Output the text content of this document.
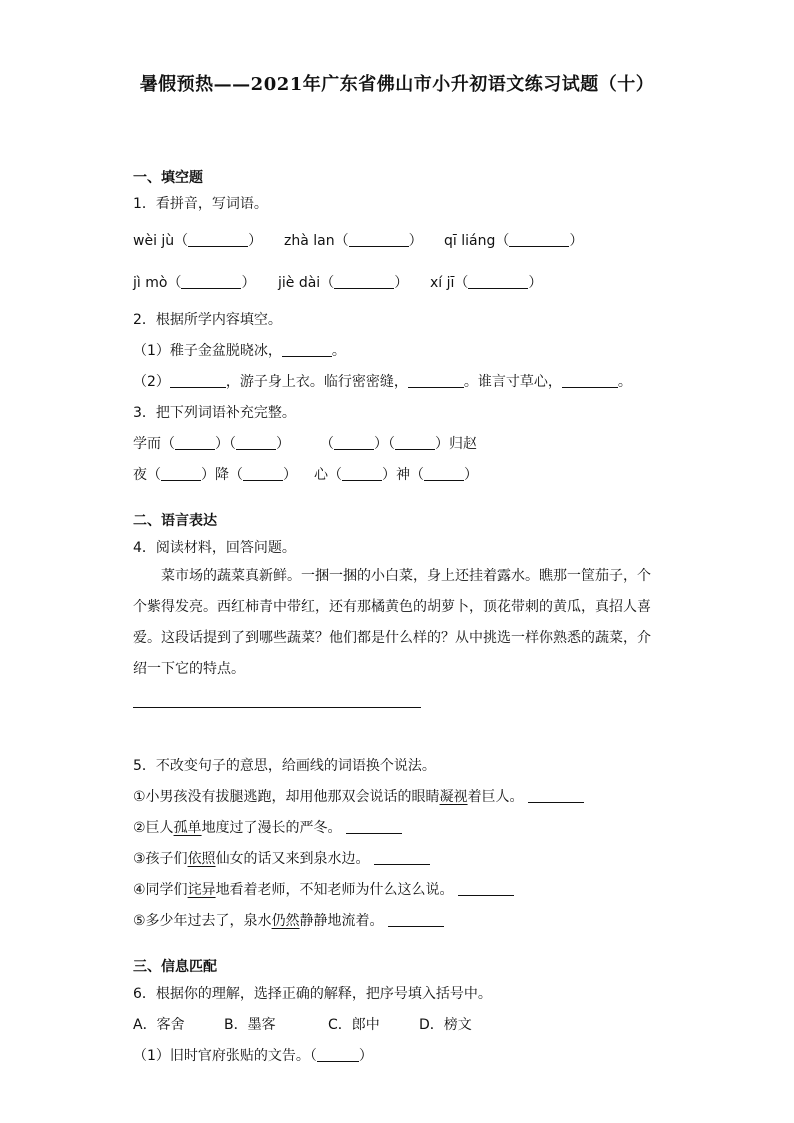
暑假预热——2021年广东省佛山市小升初语文练习试题（十）
一、填空题
1．看拼音，写词语。
wèi jù（	） zhà lan（	） qī liáng（	）
jì mò（	） jiè dài（	） xí jī（	）
2．根据所学内容填空。
（1）稚子金盆脱晓冰，	。
（2）	，游子身上衣。临行密密缝，	。谁言寸草心，	。
3．把下列词语补充完整。
学而（	）（	） （	）（	）归赵
夜（	）降（	） 心（	）神（	）
二、语言表达
4．阅读材料，回答问题。
菜市场的蔬菜真新鲜。一捆一捆的小白菜，身上还挂着露水。瞧那一筐茄子，个个紫得发亮。西红柿青中带红，还有那橘黄色的胡萝卜，顶花带刺的黄瓜，真招人喜爱。 这段话提到了到哪些蔬菜？他们都是什么样的？从中挑选一样你熟悉的蔬菜，介绍一下它的特点。
5．不改变句子的意思，给画线的词语换个说法。
①小男孩没有拔腿逃跑，却用他那双会说话的眼睛凝视着巨人。
②巨人孤单地度过了漫长的严冬。
③孩子们依照仙女的话又来到泉水边。
④同学们诧异地看着老师，不知老师为什么这么说。
⑤多少年过去了，泉水仍然静静地流着。
三、信息匹配
6．根据你的理解，选择正确的解释，把序号填入括号中。
A．客舍	B．墨客	C．郎中	D．榜文
（1）旧时官府张贴的文告。（	）
